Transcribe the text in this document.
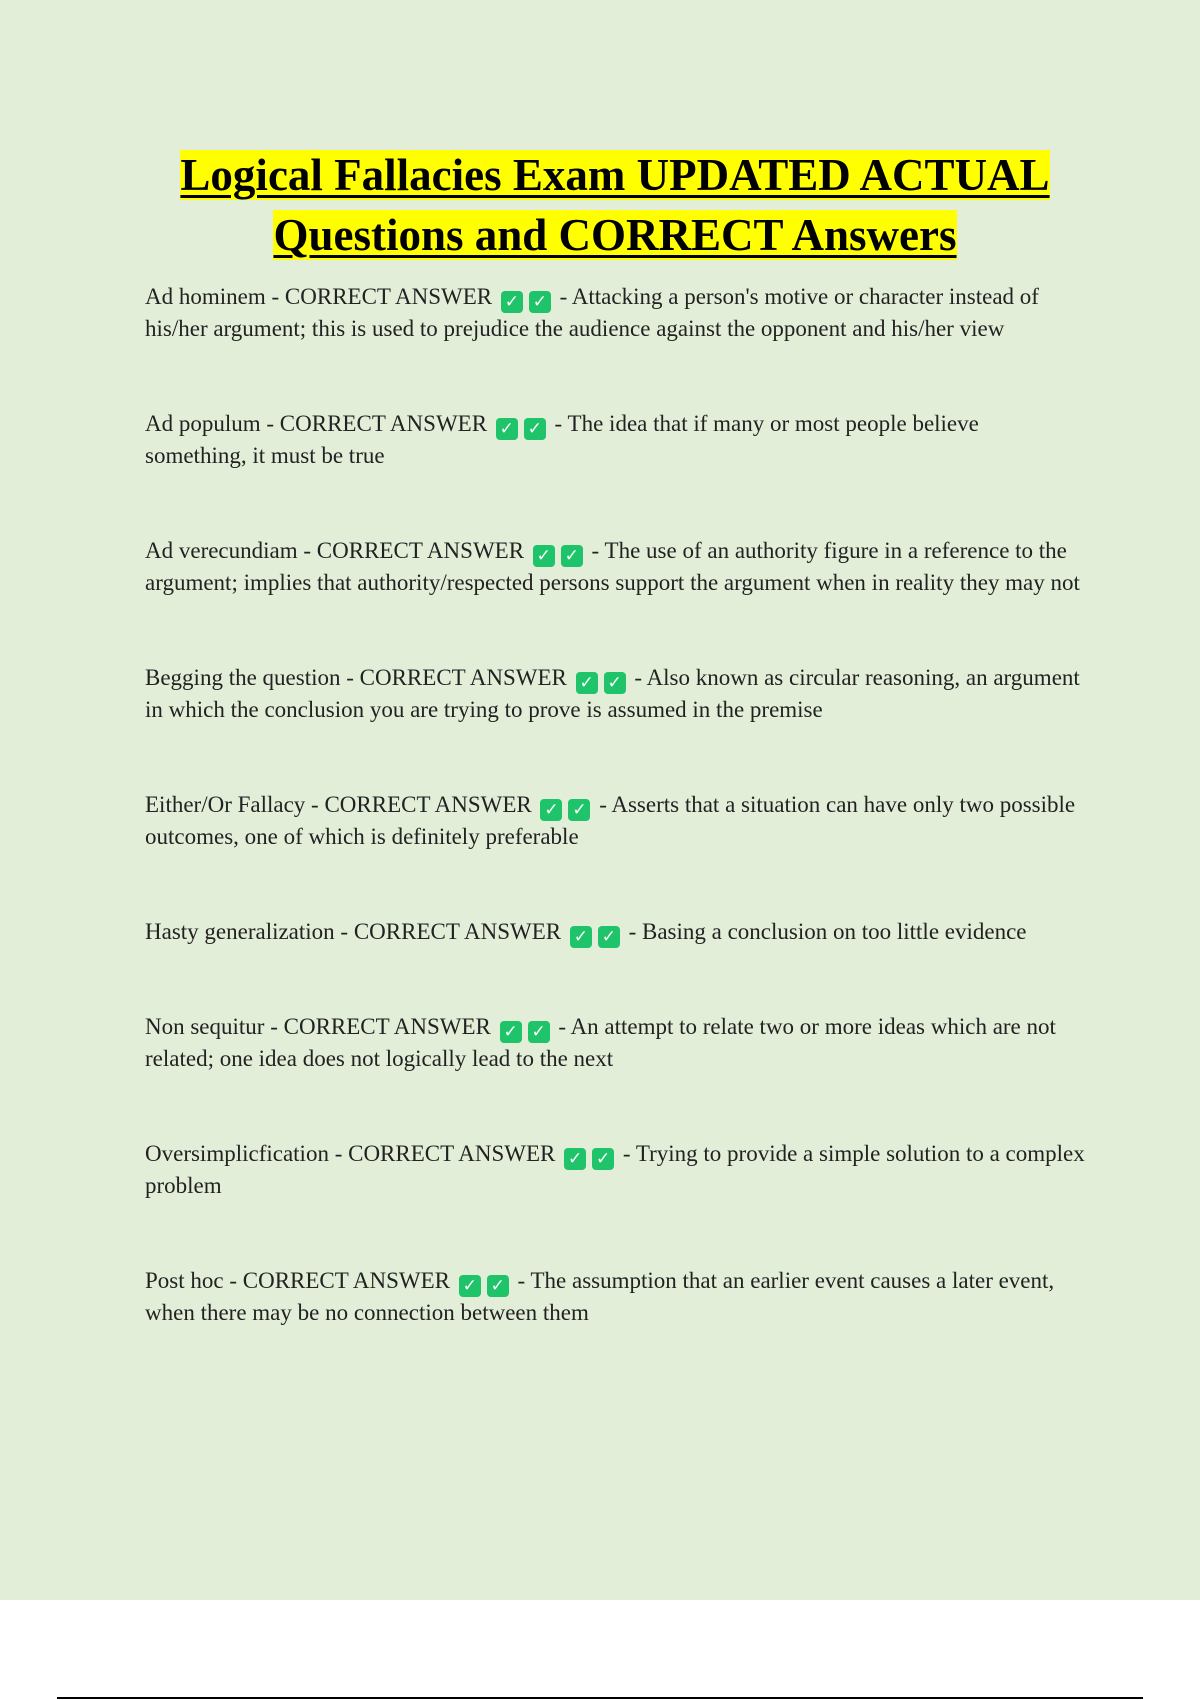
Logical Fallacies Exam UPDATED ACTUAL
Questions and CORRECT Answers

Ad hominem - CORRECT ANSWER ✓ ✓ - Attacking a person's motive or character instead of his/her argument; this is used to prejudice the audience against the opponent and his/her view

Ad populum - CORRECT ANSWER ✓ ✓ - The idea that if many or most people believe something, it must be true

Ad verecundiam - CORRECT ANSWER ✓ ✓ - The use of an authority figure in a reference to the argument; implies that authority/respected persons support the argument when in reality they may not

Begging the question - CORRECT ANSWER ✓ ✓ - Also known as circular reasoning, an argument in which the conclusion you are trying to prove is assumed in the premise

Either/Or Fallacy - CORRECT ANSWER ✓ ✓ - Asserts that a situation can have only two possible outcomes, one of which is definitely preferable

Hasty generalization - CORRECT ANSWER ✓ ✓ - Basing a conclusion on too little evidence

Non sequitur - CORRECT ANSWER ✓ ✓ - An attempt to relate two or more ideas which are not related; one idea does not logically lead to the next

Oversimplicfication - CORRECT ANSWER ✓ ✓ - Trying to provide a simple solution to a complex problem

Post hoc - CORRECT ANSWER ✓ ✓ - The assumption that an earlier event causes a later event, when there may be no connection between them
